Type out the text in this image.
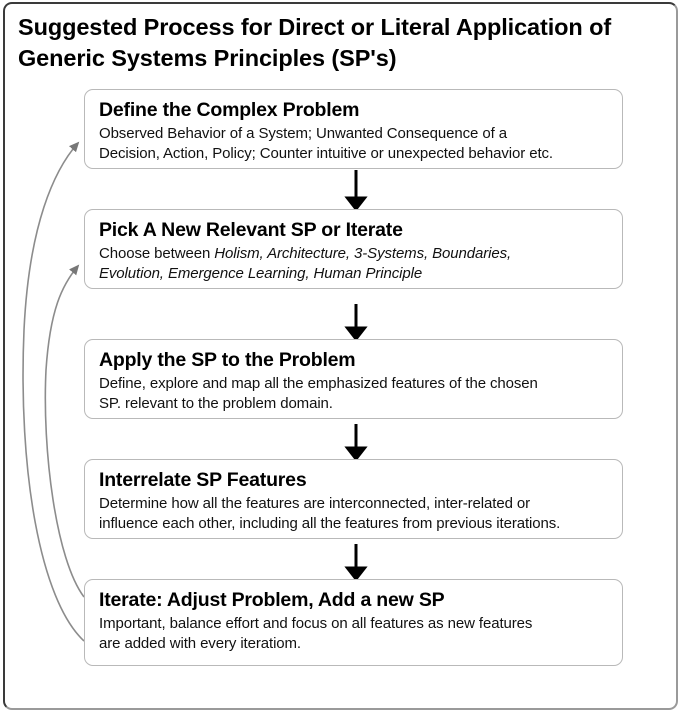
Suggested Process for Direct or Literal Application of Generic Systems Principles (SP's)
Define the Complex Problem
Observed Behavior of a System; Unwanted Consequence of a
Decision, Action, Policy; Counter intuitive or unexpected behavior etc.
Pick A New Relevant SP or Iterate
Choose between Holism, Architecture, 3-Systems, Boundaries,
Evolution, Emergence Learning, Human Principle
Apply the SP to the Problem
Define, explore and map all the emphasized features of the chosen
SP. relevant to the problem domain.
Interrelate SP Features
Determine how all the features are interconnected, inter-related or
influence each other, including all the features from previous iterations.
Iterate: Adjust Problem, Add a new SP
Important, balance effort and focus on all features as new features
are added with every iteratiom.
